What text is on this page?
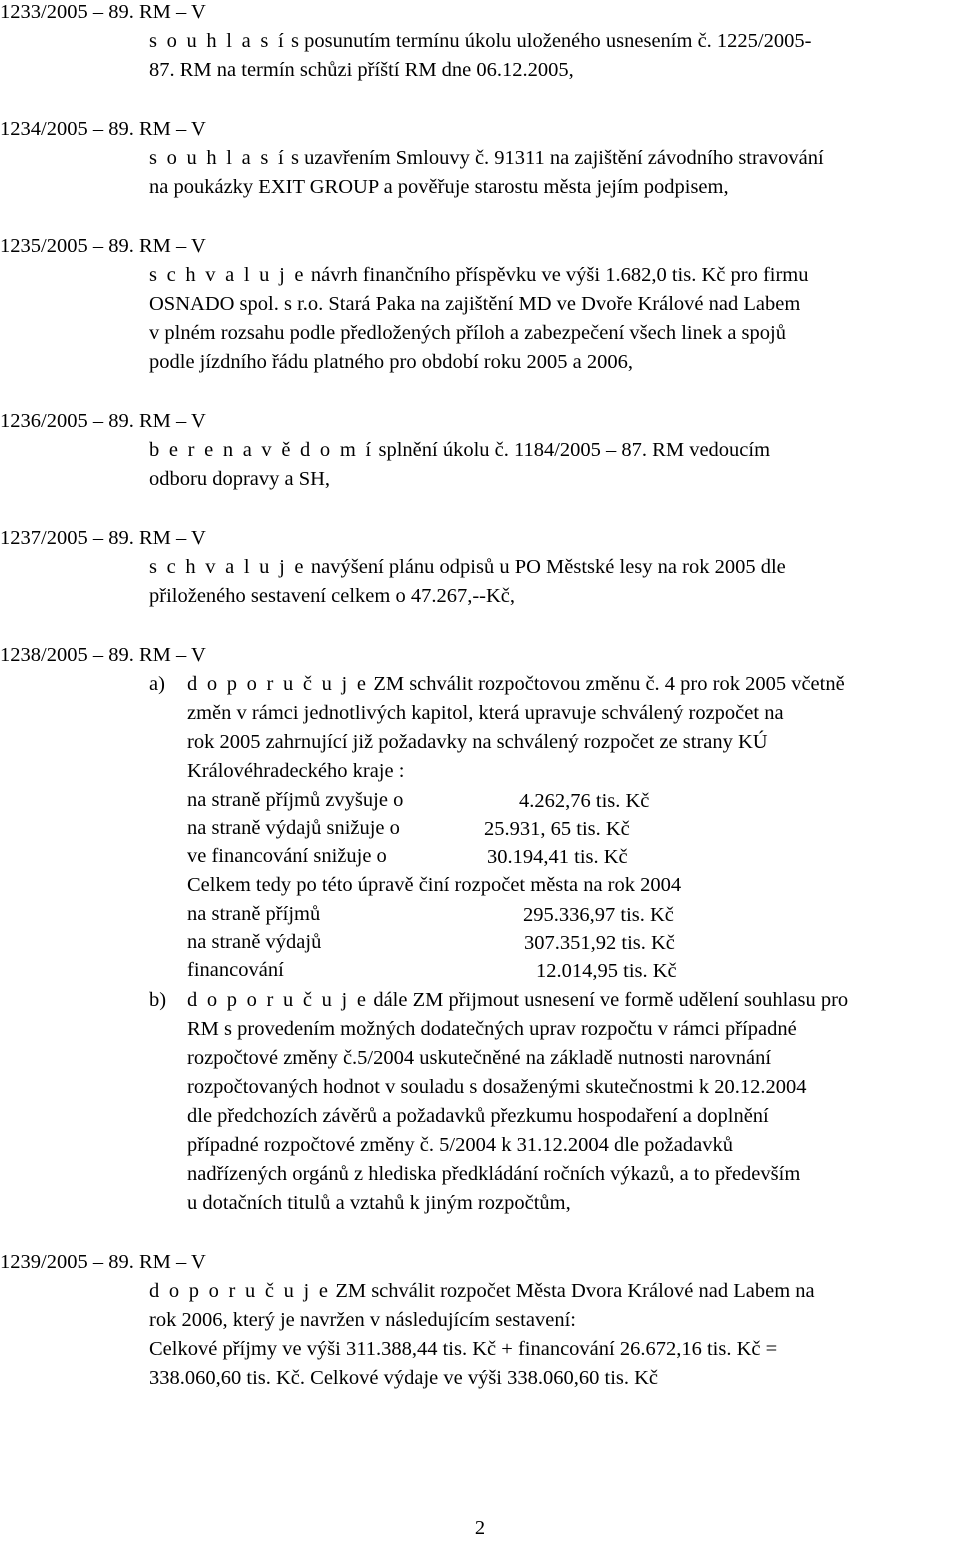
1233/2005 – 89. RM – V
s o u h l a s í s posunutím termínu úkolu uloženého usnesením č. 1225/2005-
87. RM na termín schůzi příští RM dne 06.12.2005,
1234/2005 – 89. RM – V
s o u h l a s í s uzavřením Smlouvy č. 91311 na zajištění závodního stravování
na poukázky EXIT GROUP a pověřuje starostu města jejím podpisem,
1235/2005 – 89. RM – V
s c h v a l u j e návrh finančního příspěvku ve výši 1.682,0 tis. Kč pro firmu
OSNADO spol. s r.o. Stará Paka na zajištění MD ve Dvoře Králové nad Labem
v plném rozsahu podle předložených příloh a zabezpečení všech linek a spojů
podle jízdního řádu platného pro období roku 2005 a 2006,
1236/2005 – 89. RM – V
b e r e n a v ě d o m í splnění úkolu č. 1184/2005 – 87. RM vedoucím
odboru dopravy a SH,
1237/2005 – 89. RM – V
s c h v a l u j e navýšení plánu odpisů u PO Městské lesy na rok 2005 dle
přiloženého sestavení celkem o 47.267,--Kč,
1238/2005 – 89. RM – V
a) d o p o r u č u j e ZM schválit rozpočtovou změnu č. 4 pro rok 2005 včetně
změn v rámci jednotlivých kapitol, která upravuje schválený rozpočet na
rok 2005 zahrnující již požadavky na schválený rozpočet ze strany KÚ
Královéhradeckého kraje :
na straně příjmů zvyšuje o	4.262,76 tis. Kč
na straně výdajů snižuje o	25.931, 65 tis. Kč
ve financování snižuje o	30.194,41 tis. Kč
Celkem tedy po této úpravě činí rozpočet města na rok 2004
na straně příjmů	295.336,97 tis. Kč
na straně výdajů	307.351,92 tis. Kč
financování	12.014,95 tis. Kč
b) d o p o r u č u j e dále ZM přijmout usnesení ve formě udělení souhlasu pro
RM s provedením možných dodatečných uprav rozpočtu v rámci případné
rozpočtové změny č.5/2004 uskutečněné na základě nutnosti narovnání
rozpočtovaných hodnot v souladu s dosaženými skutečnostmi k 20.12.2004
dle předchozích závěrů a požadavků přezkumu hospodaření a doplnění
případné rozpočtové změny č. 5/2004 k 31.12.2004 dle požadavků
nadřízených orgánů z hlediska předkládání ročních výkazů, a to především
u dotačních titulů a vztahů k jiným rozpočtům,
1239/2005 – 89. RM – V
d o p o r u č u j e ZM schválit rozpočet Města Dvora Králové nad Labem na
rok 2006, který je navržen v následujícím sestavení:
Celkové příjmy ve výši 311.388,44 tis. Kč + financování 26.672,16 tis. Kč =
338.060,60 tis. Kč. Celkové výdaje ve výši 338.060,60 tis. Kč
2
